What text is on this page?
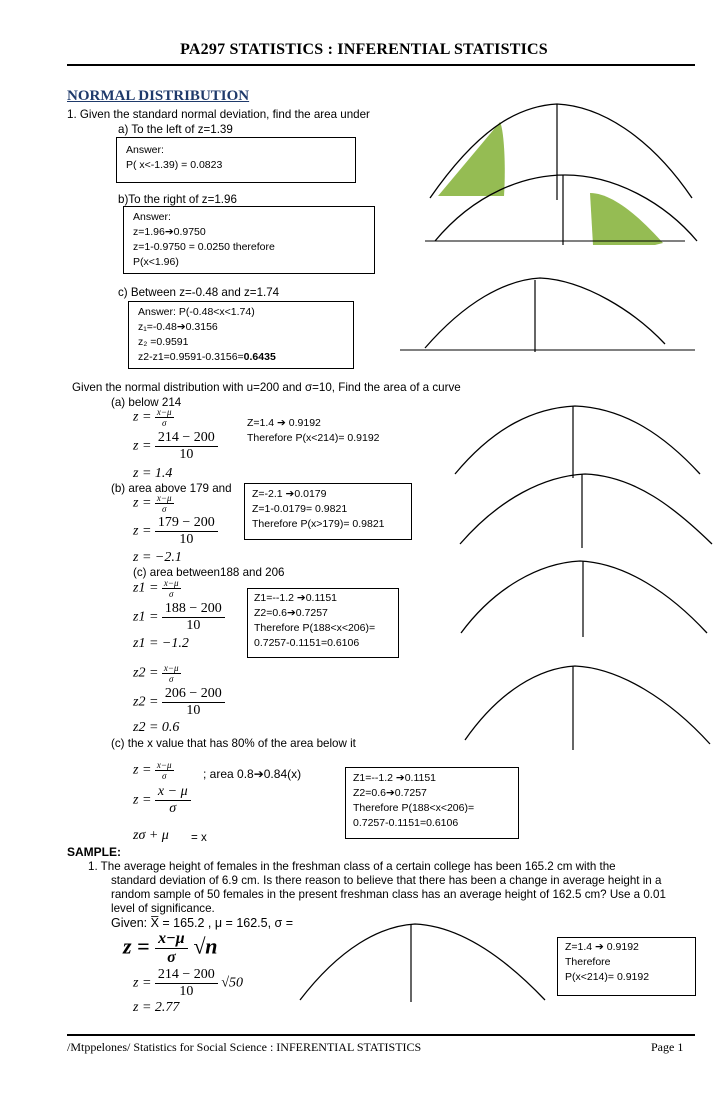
PA297 STATISTICS : INFERENTIAL STATISTICS
NORMAL DISTRIBUTION
1. Given the standard normal deviation, find the area under
a) To the left of z=1.39
Answer:
P( x<-1.39) = 0.0823
b)To the right of z=1.96
Answer:
z=1.96➔0.9750
z=1-0.9750 = 0.0250 therefore
P(x<1.96)
c) Between z=-0.48 and z=1.74
Answer: P(-0.48<x<1.74)
z₁=-0.48➔0.3156
z₂ =0.9591
z2-z1=0.9591-0.3156=0.6435
Given the normal distribution with u=200 and σ=10, Find the area of a curve
(a) below 214
$z = \frac{x-\mu}{\sigma}$
$z = \frac{214 - 200}{10}$
z = 1.4
Z=1.4 ➔ 0.9192
Therefore P(x<214)= 0.9192
(b) area above 179 and
$z = \frac{x-\mu}{\sigma}$
$z = \frac{179 - 200}{10}$
z = −2.1
Z=-2.1 ➔0.0179
Z=1-0.0179= 0.9821
Therefore P(x>179)= 0.9821
(c) area between188 and 206
$z1 = \frac{x-\mu}{\sigma}$
$z1 = \frac{188 - 200}{10}$
z1 = −1.2
$z2 = \frac{x-\mu}{\sigma}$
$z2 = \frac{206 - 200}{10}$
z2 = 0.6
Z1=--1.2 ➔0.1151
Z2=0.6➔0.7257
Therefore P(188<x<206)=
0.7257-0.1151=0.6106
(c) the x value that has 80% of the area below it
$z = \frac{x-\mu}{\sigma}$ ; area 0.8➔0.84(x)
$z = \frac{x - \mu}{\sigma}$
zσ + μ = x
Z1=--1.2 ➔0.1151
Z2=0.6➔0.7257
Therefore P(188<x<206)=
0.7257-0.1151=0.6106
SAMPLE:
1. The average height of females in the freshman class of a certain college has been 165.2 cm with the
standard deviation of 6.9 cm. Is there reason to believe that there has been a change in average height in a
random sample of 50 females in the present freshman class has an average height of 162.5 cm? Use a 0.01
level of significance.
Given: X̅ = 165.2 , μ = 162.5, σ =
$z = \frac{x-\mu}{\sigma} √n$
$z = \frac{214 - 200}{10} √50$
z = 2.77
Z=1.4 ➔ 0.9192
Therefore
P(x<214)= 0.9192
/Mtppelones/ Statistics for Social Science : INFERENTIAL STATISTICS	Page 1
